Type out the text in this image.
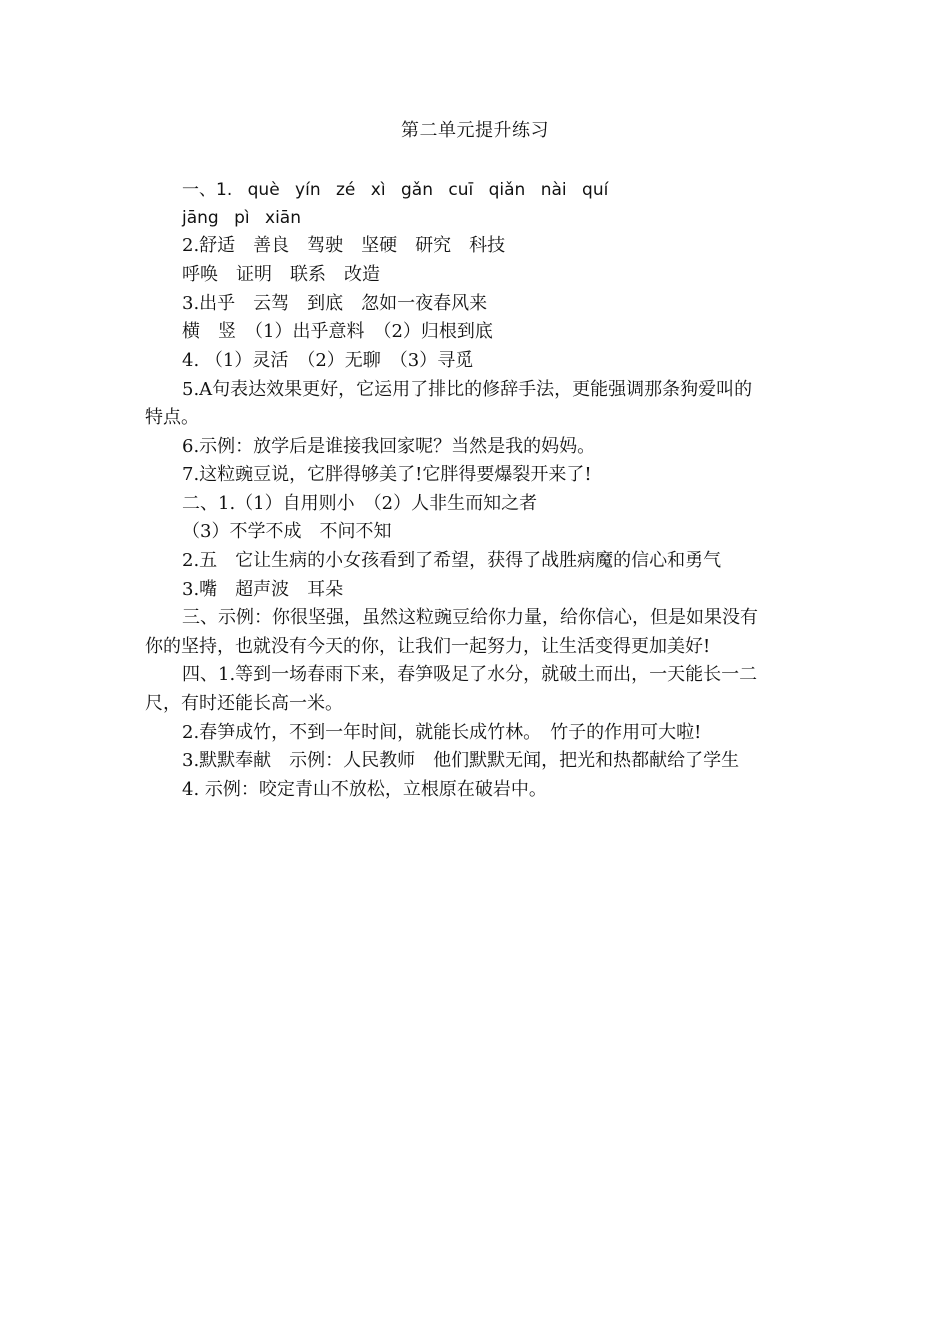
第二单元提升练习
一、1. què yín zé xì gǎn cuī qiǎn nài quí
jāng pì xiān
2.舒适　善良　驾驶　坚硬　研究　科技
呼唤　证明　联系　改造
3.出乎　云驾　到底　忽如一夜春风来
横　竖　（1）出乎意料　（2）归根到底
4. （1）灵活　（2）无聊　（3）寻觅
5.A句表达效果更好，它运用了排比的修辞手法，更能强调那条狗爱叫的
特点。
6.示例：放学后是谁接我回家呢？当然是我的妈妈。
7.这粒豌豆说，它胖得够美了!它胖得要爆裂开来了!
二、1.（1）自用则小　（2）人非生而知之者
（3）不学不成　不问不知
2.五　它让生病的小女孩看到了希望，获得了战胜病魔的信心和勇气
3.嘴　超声波　耳朵
三、示例：你很坚强，虽然这粒豌豆给你力量，给你信心，但是如果没有
你的坚持，也就没有今天的你，让我们一起努力，让生活变得更加美好!
四、1.等到一场春雨下来，春笋吸足了水分，就破土而出，一天能长一二
尺，有时还能长高一米。
2.春笋成竹，不到一年时间，就能长成竹林。　竹子的作用可大啦!
3.默默奉献　示例：人民教师　他们默默无闻，把光和热都献给了学生
4. 示例：咬定青山不放松，立根原在破岩中。
